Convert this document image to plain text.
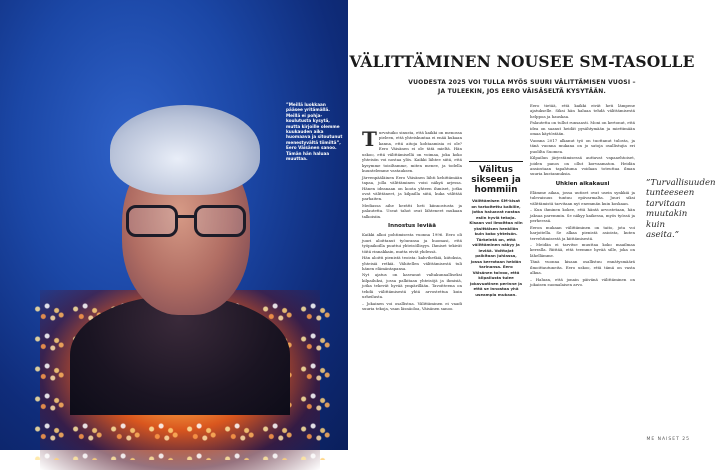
”Meillä luokkaan pääsee yritämällä. Meillä ei pohjakoulutusta kysytä, mutta kirjoille olemme kuukauden aika huomaava ja sitoutunut menestyvältä tiimiltä”, Eero Väisänen sanoo. Tämän hän haluaa muuttaa.
VÄLITTÄMINEN NOUSEE SM-TASOLLE
VUODESTA 2025 VOI TULLA MYÖS SUURI VÄLITTÄMISEN VUOSI – JA TULEEKIN, JOS EERO VÄISÄSELTÄ KYSYTÄÄN.
T urvatuiko sinusta, että kaikki on menossa pieleen, että yhteiskuntaa ei enää kukaan kanna, että aitoja kohtaamisia ei ole? Eero Väisänen ei ole tätä mieltä. Hän uskoo, että välittämisellä on voimaa, joka koko yhteisön voi nostaa ylös. Kaikki lähtee siitä, että kysymme toisiltamme, miten menee, ja todella kuuntelemme vastauksen.

Järvenpääläinen Eero Väisänen lähti kehittämään tapaa, jolla välittäminen voisi näkyä arjessa. Hänen ideanaan on koota yhteen ihmiset, jotka ovat välittäneet, ja kilpailla siitä, kuka välittää parhaiten.

Mediassa aihe herätti heti kiinnostusta ja palautetta. Useat tahot ovat lähteneet mukaan talkoisiin.

Innostus leviää

Kaikki alkoi pohtimisesta vuonna 1996. Eero oli juuri aloittanut työuransa ja huomasi, että työpaikoilla puuttui yhteisöllisyys. Ihmiset tekivät töitä rinnakkain, mutta eivät yhdessä.

Hän aloitti pienistä teoista: kahvihetkiä, kiitoksia, yhteisiä retkiä. Vähitellen välittämisestä tuli hänen elämäntapansa.

Nyt ajatus on kasvanut valtakunnalliseksi kilpailuksi, jossa palkitaan yhteisöjä ja ihmisiä, jotka tekevät hyvää ympärillään. Tavoitteena on tehdä välittämisestä yhtä arvostettua kuin urheilusta.

– Jokainen voi osallistua. Välittäminen ei vaadi suuria tekoja, vaan läsnäoloa, Väisänen sanoo.

Välitus sikseen ja hommiin
Välittämisen SM-kisat on tarkoitettu kaikille, jotka haluavat nostaa esiin hyviä tekoja. Kisaan voi ilmoittaa niin yksittäisen henkilön kuin koko yhteisön. Tärkeintä on, että välittäminen näkyy ja leviää. Voittajat palkitaan juhlassa, jossa kerrotaan heidän tarinansa. Eero Väisänen toivoo, että kilpailusta tulee jokavuotinen perinne ja että se innostaa yhä useampia mukaan.

Eero tietää, että kaikki eivät heti lämpene ajatukselle. Siksi hän haluaa tehdä välittämisestä helppoa ja hauskaa.

Palautetta on tullut runsaasti. Moni on kertonut, että idea on saanut heidät pysähtymään ja miettimään omaa käytöstään.

Vuonna 2017 alkanut työ on tuottanut tulosta, ja tänä vuonna mukana on jo satoja osallistujia eri puolilta Suomea.

Kilpailun järjestämisessä auttavat vapaaehtoiset, joiden panos on ollut korvaamaton. Heidän ansiostaan tapahtuma voidaan toteuttaa ilman suuria kustannuksia.

Uhkien aikakausi

Elämme aikaa, jossa uutiset ovat usein synkkiä ja tulevaisuus tuntuu epävarmalta. Juuri siksi välittämistä tarvitaan nyt enemmän kuin koskaan.

– Kun ihminen kokee, että häntä arvostetaan, hän jaksaa paremmin. Se näkyy kaikessa, myös työssä ja perheessä.

Eeron mukaan välittäminen on taito, jota voi harjoitella. Se alkaa pienistä asioista, kuten tervehtimisestä ja kiittämisestä.

– Meidän ei tarvitse muuttaa koko maailmaa kerralla. Riittää, että teemme hyvää sille, joka on lähellämme.

Tänä vuonna kisaan osallistuu ennätysmäärä ilmoittautuneita. Eero uskoo, että tämä on vasta alkua.

– Haluan, että jonain päivänä välittäminen on jokaisen suomalaisen arvo.

”Turvallisuuden tunteeseen tarvitaan muutakin kuin aseita.”
ME NAISET 25
